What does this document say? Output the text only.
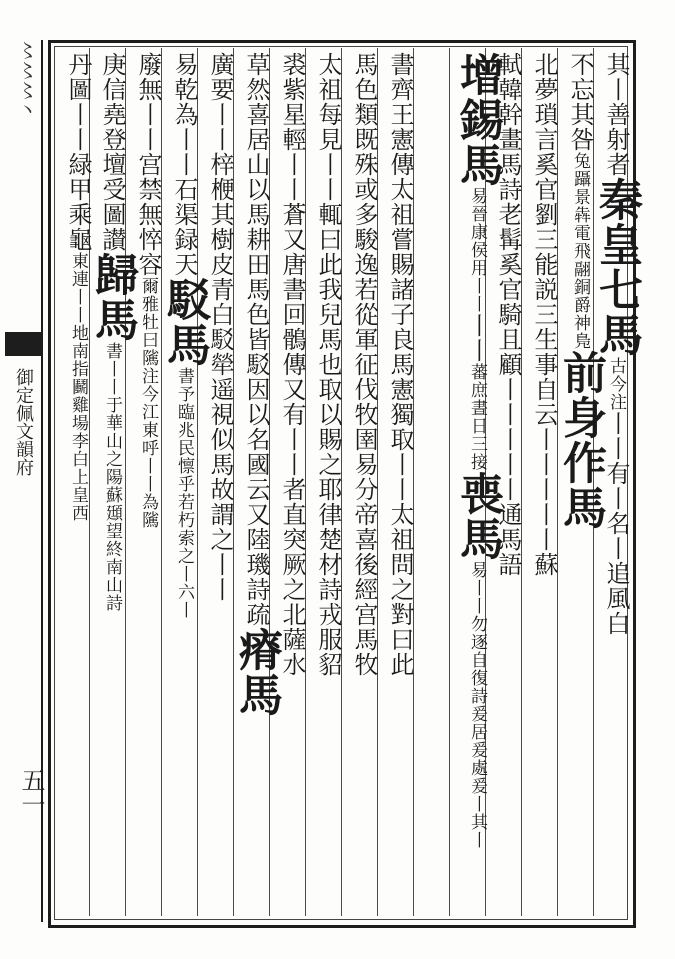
〻〻〻丶
御定佩文韻府
五一
其丨善射者秦皇七馬古今注丨丨有丨名丨追風白
不忘其咎兔躡景犇電飛翮銅爵神鳬前身作馬
北夢瑣言奚官劉三能説三生事自云丨丨丨丨丨蘇
軾韓幹畫馬詩老髯奚官騎且顧丨丨丨丨丨通馬語
增錫馬易晉康侯用丨丨丨丨蕃庶晝日三接喪馬易丨丨勿逐自復詩爰居爰處爰丨其丨
書齊王憲傳太祖嘗賜諸子良馬憲獨取丨丨太祖問之對曰此
馬色類既殊或多駿逸若從軍征伐牧圉易分帝喜後經宫馬牧
太祖每見丨丨輒曰此我兒馬也取以賜之耶律楚材詩戎服貂
裘紫星輕丨丨蒼又唐書回鶻傳又有丨丨者直突厥之北薩水
草然喜居山以馬耕田馬色皆駁因以名國云又陸璣詩疏瘠馬
廣要丨丨梓楩其樹皮青白駁犖遥視似馬故謂之丨丨
易乾為丨丨石渠録天駁馬書予臨兆民懔乎若朽索之丨六丨
廢無丨丨宫禁無悴容爾雅牡曰隲注今江東呼丨丨為隲
庚信堯登壇受圖讃歸馬書丨丨于華山之陽蘇頲望終南山詩
丹圖丨丨緑甲乘龜東連丨丨地南指鬬雞場李白上皇西
